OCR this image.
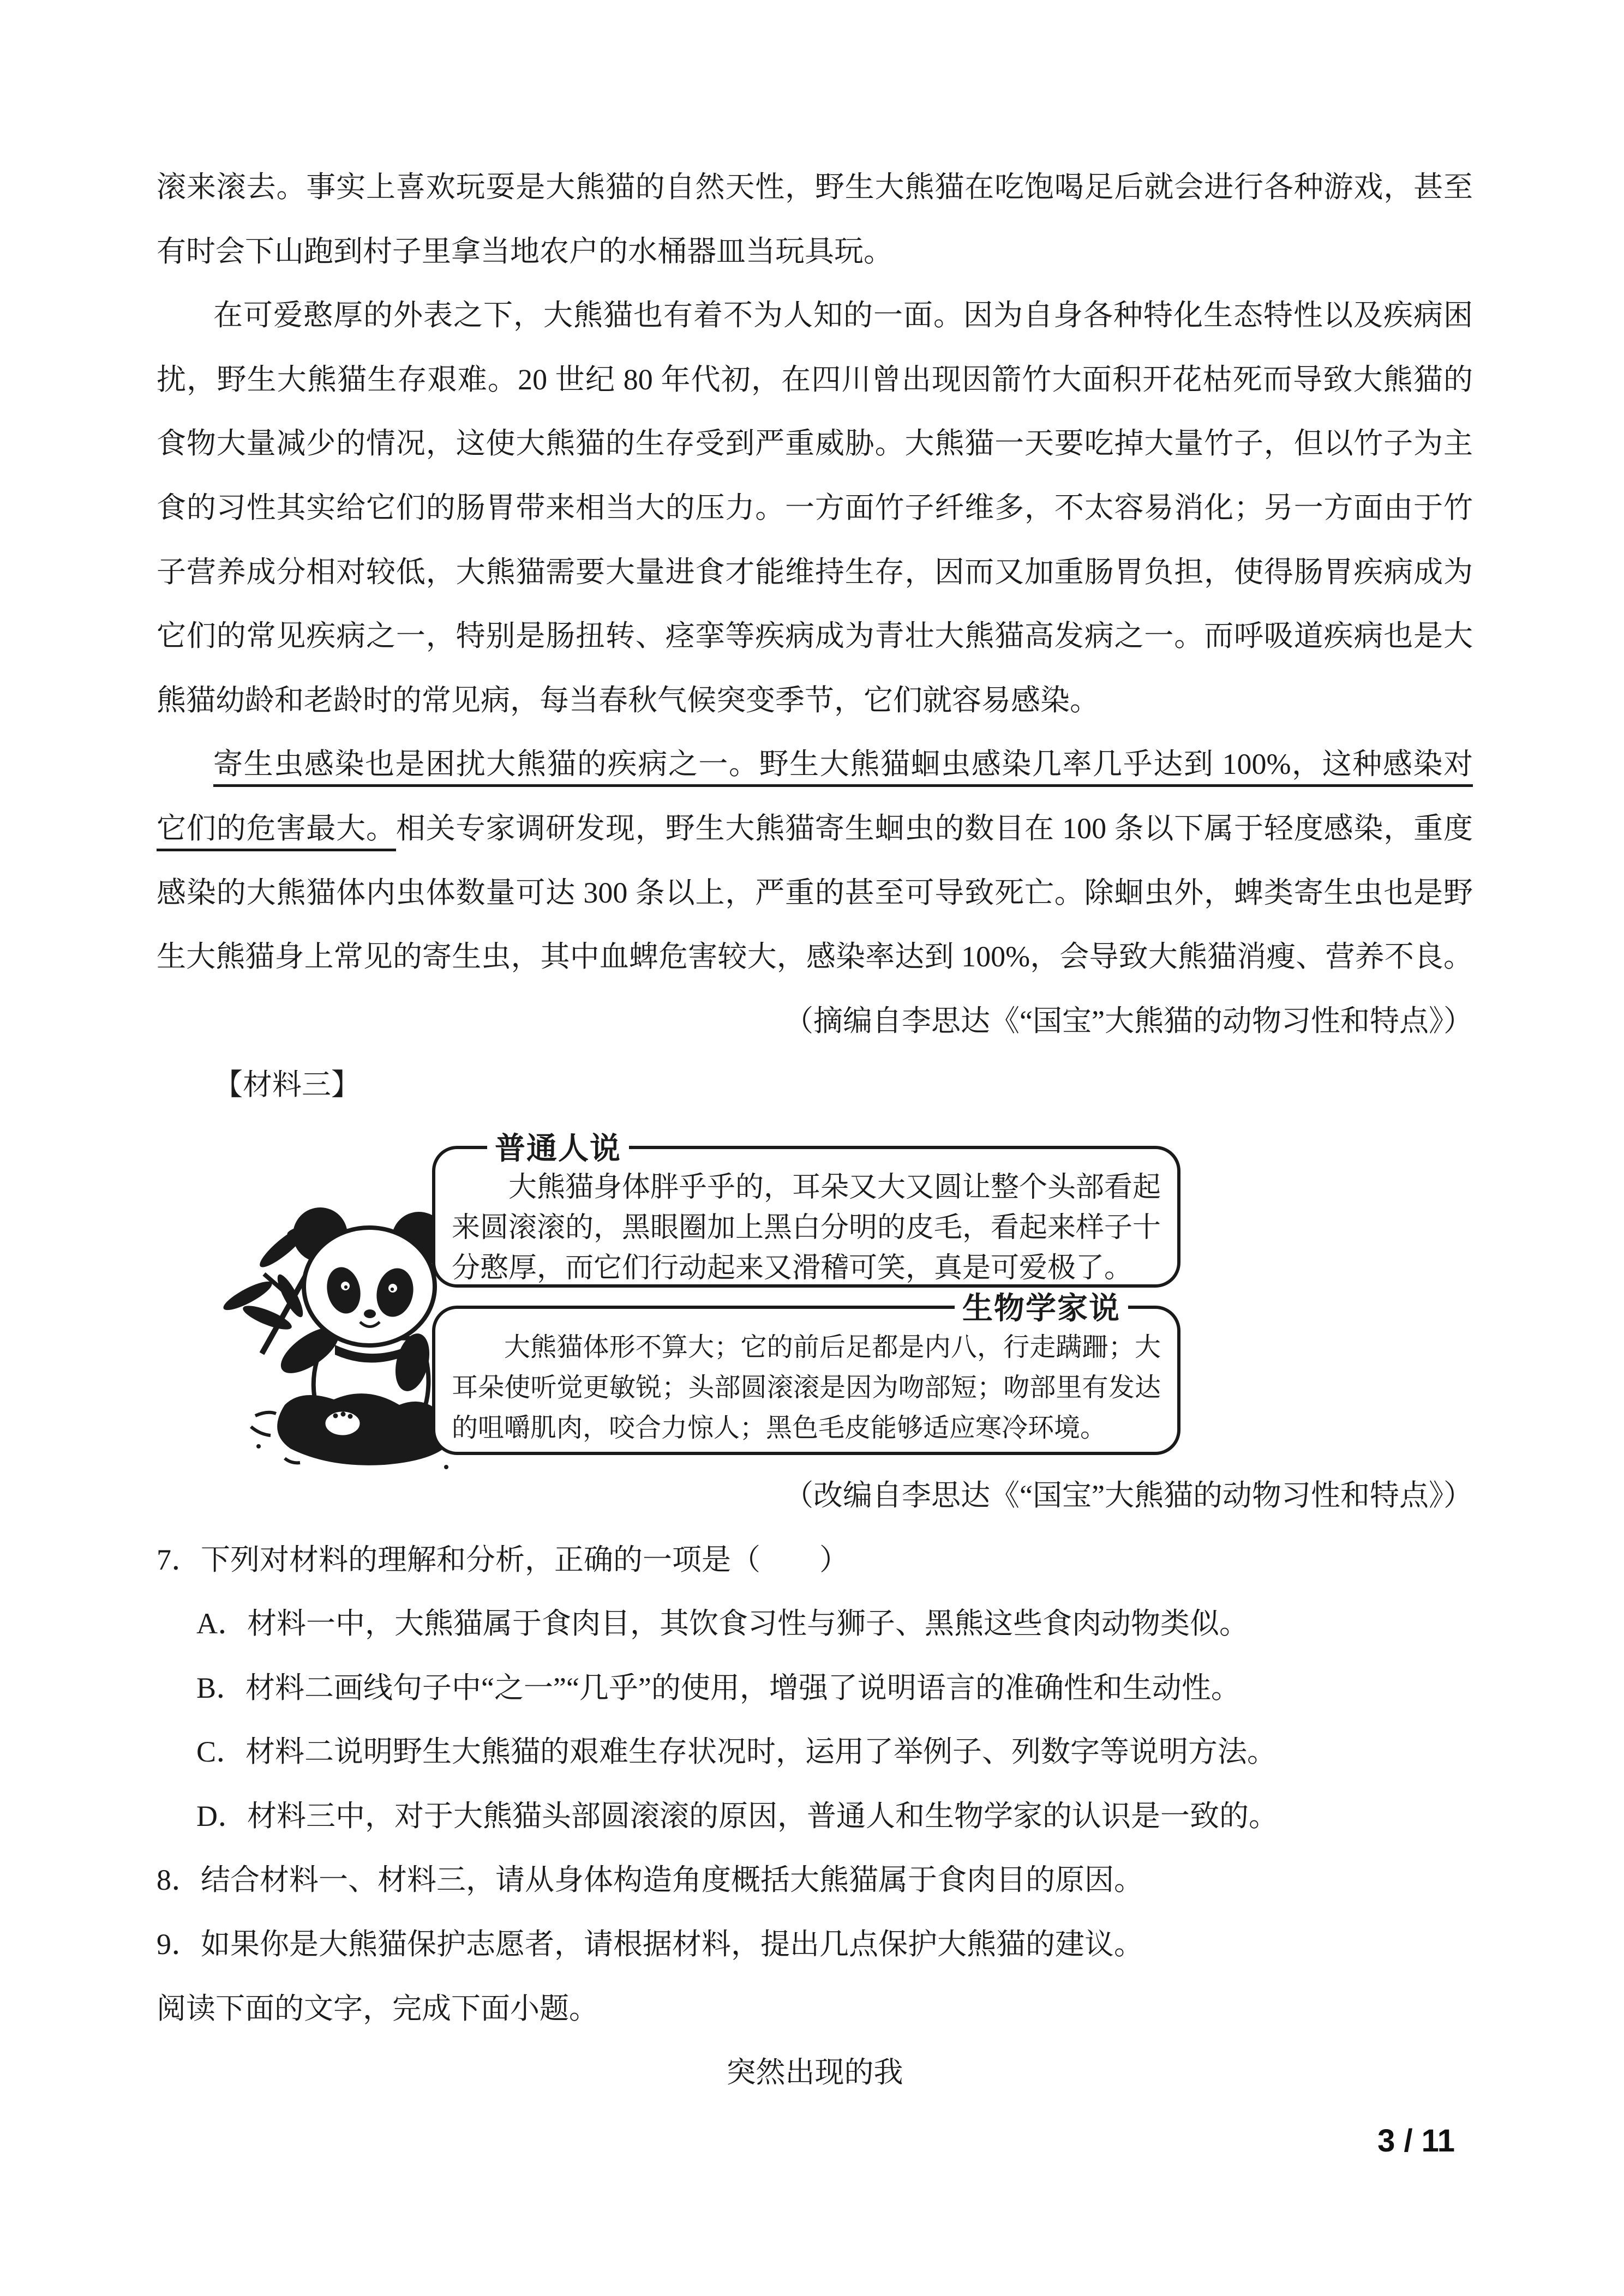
滚来滚去。事实上喜欢玩耍是大熊猫的自然天性，野生大熊猫在吃饱喝足后就会进行各种游戏，甚至
有时会下山跑到村子里拿当地农户的水桶器皿当玩具玩。
在可爱憨厚的外表之下，大熊猫也有着不为人知的一面。因为自身各种特化生态特性以及疾病困
扰，野生大熊猫生存艰难。20 世纪 80 年代初，在四川曾出现因箭竹大面积开花枯死而导致大熊猫的
食物大量减少的情况，这使大熊猫的生存受到严重威胁。大熊猫一天要吃掉大量竹子，但以竹子为主
食的习性其实给它们的肠胃带来相当大的压力。一方面竹子纤维多，不太容易消化；另一方面由于竹
子营养成分相对较低，大熊猫需要大量进食才能维持生存，因而又加重肠胃负担，使得肠胃疾病成为
它们的常见疾病之一，特别是肠扭转、痉挛等疾病成为青壮大熊猫高发病之一。而呼吸道疾病也是大
熊猫幼龄和老龄时的常见病，每当春秋气候突变季节，它们就容易感染。
寄生虫感染也是困扰大熊猫的疾病之一。野生大熊猫蛔虫感染几率几乎达到 100%，这种感染对
它们的危害最大。相关专家调研发现，野生大熊猫寄生蛔虫的数目在 100 条以下属于轻度感染，重度
感染的大熊猫体内虫体数量可达 300 条以上，严重的甚至可导致死亡。除蛔虫外，蜱类寄生虫也是野
生大熊猫身上常见的寄生虫，其中血蜱危害较大，感染率达到 100%，会导致大熊猫消瘦、营养不良。
（摘编自李思达《“国宝”大熊猫的动物习性和特点》）
【材料三】
普通人说
大熊猫身体胖乎乎的，耳朵又大又圆让整个头部看起来圆滚滚的，黑眼圈加上黑白分明的皮毛，看起来样子十分憨厚，而它们行动起来又滑稽可笑，真是可爱极了。
生物学家说
大熊猫体形不算大；它的前后足都是内八，行走蹒跚；大耳朵使听觉更敏锐；头部圆滚滚是因为吻部短；吻部里有发达的咀嚼肌肉，咬合力惊人；黑色毛皮能够适应寒冷环境。
（改编自李思达《“国宝”大熊猫的动物习性和特点》）
7．下列对材料的理解和分析，正确的一项是（　　）
A．材料一中，大熊猫属于食肉目，其饮食习性与狮子、黑熊这些食肉动物类似。
B．材料二画线句子中“之一”“几乎”的使用，增强了说明语言的准确性和生动性。
C．材料二说明野生大熊猫的艰难生存状况时，运用了举例子、列数字等说明方法。
D．材料三中，对于大熊猫头部圆滚滚的原因，普通人和生物学家的认识是一致的。
8．结合材料一、材料三，请从身体构造角度概括大熊猫属于食肉目的原因。
9．如果你是大熊猫保护志愿者，请根据材料，提出几点保护大熊猫的建议。
阅读下面的文字，完成下面小题。
突然出现的我
3 / 11
